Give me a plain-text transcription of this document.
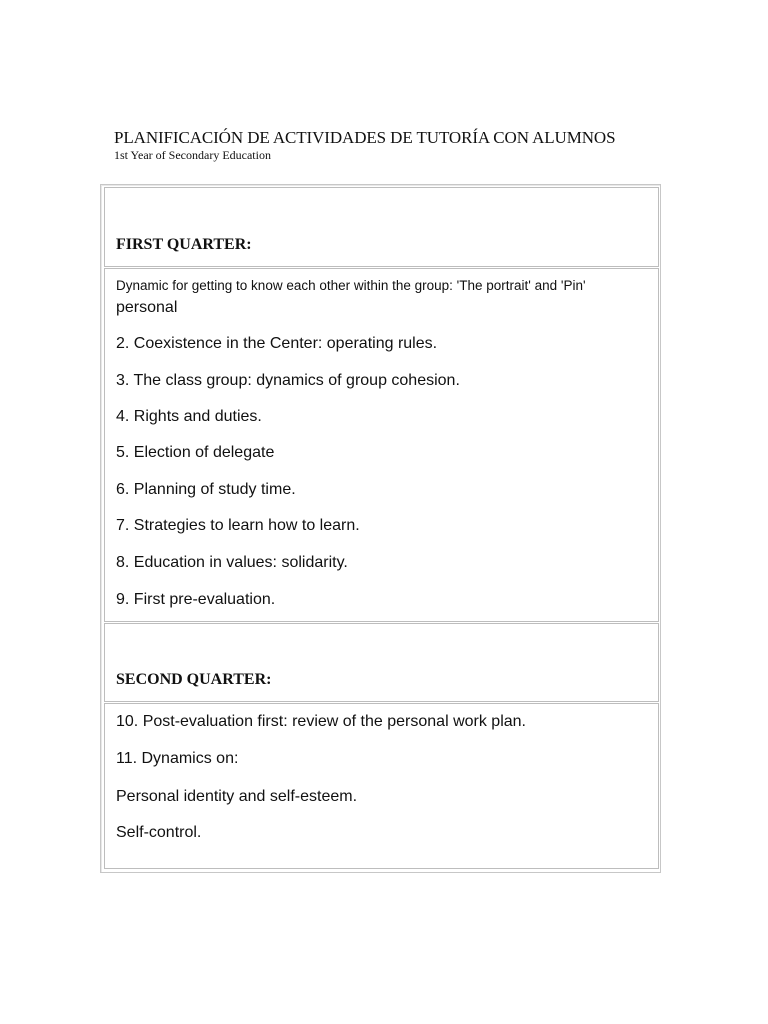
PLANIFICACIÓN DE ACTIVIDADES DE TUTORÍA CON ALUMNOS

1st Year of Secondary Education

FIRST QUARTER:

Dynamic for getting to know each other within the group: 'The portrait' and 'Pin'

personal

2. Coexistence in the Center: operating rules.

3. The class group: dynamics of group cohesion.

4. Rights and duties.

5. Election of delegate

6. Planning of study time.

7. Strategies to learn how to learn.

8. Education in values: solidarity.

9. First pre-evaluation.

SECOND QUARTER:

10. Post-evaluation first: review of the personal work plan.

11. Dynamics on:

Personal identity and self-esteem.

Self-control.
